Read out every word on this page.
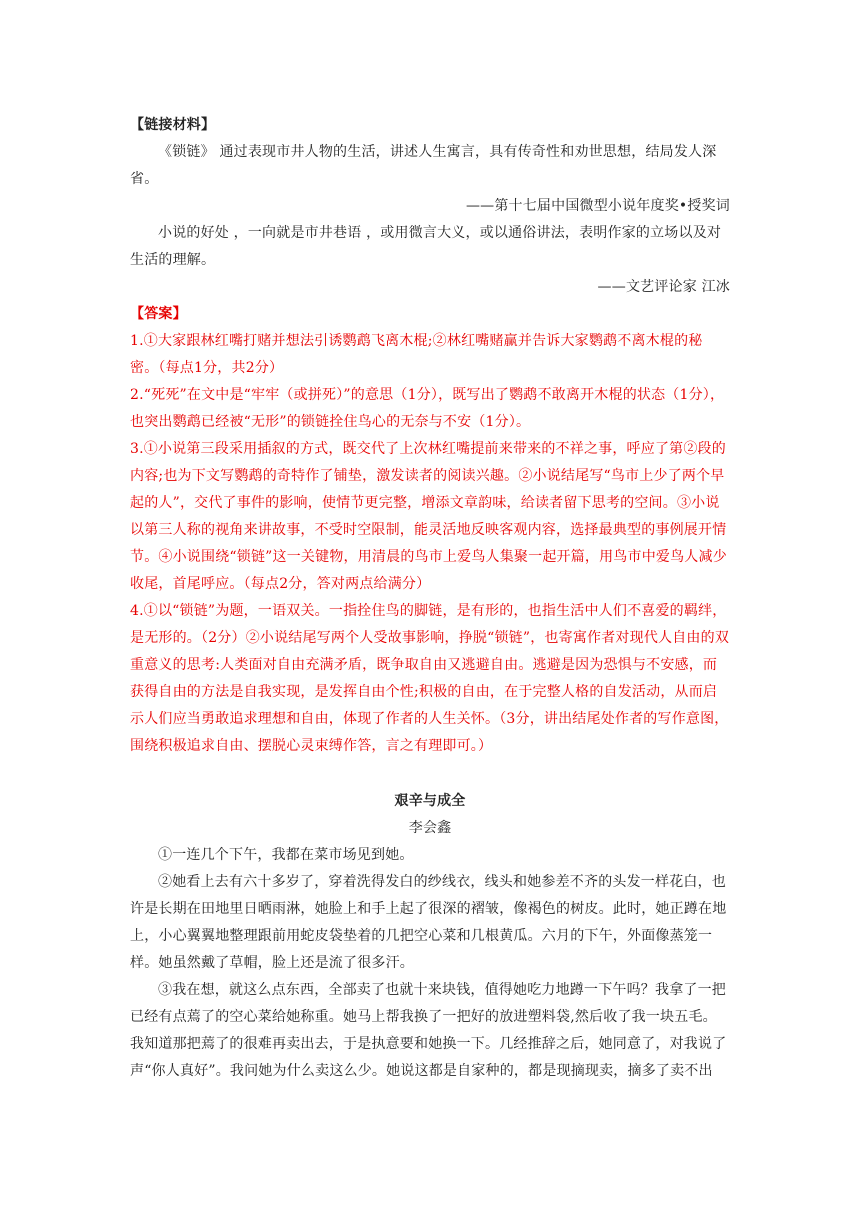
【链接材料】

《锁链》 通过表现市井人物的生活，讲述人生寓言，具有传奇性和劝世思想，结局发人深省。

——第十七届中国微型小说年度奖•授奖词

小说的好处 ，一向就是市井巷语 ，或用微言大义，或以通俗讲法，表明作家的立场以及对生活的理解。

——文艺评论家 江冰

【答案】

1.①大家跟林红嘴打赌并想法引诱鹦鹉飞离木棍;②林红嘴赌赢并告诉大家鹦鹉不离木棍的秘密。（每点1分，共2分）

2.“死死”在文中是“牢牢（或拼死）”的意思（1分），既写出了鹦鹉不敢离开木棍的状态（1分），也突出鹦鹉已经被“无形”的锁链拴住鸟心的无奈与不安（1分）。

3.①小说第三段采用插叙的方式，既交代了上次林红嘴提前来带来的不祥之事，呼应了第②段的内容;也为下文写鹦鹉的奇特作了铺垫，激发读者的阅读兴趣。②小说结尾写“鸟市上少了两个早起的人”，交代了事件的影响，使情节更完整，增添文章韵味，给读者留下思考的空间。③小说以第三人称的视角来讲故事，不受时空限制，能灵活地反映客观内容，选择最典型的事例展开情节。④小说围绕“锁链”这一关键物，用清晨的鸟市上爱鸟人集聚一起开篇，用鸟市中爱鸟人减少收尾，首尾呼应。（每点2分，答对两点给满分）

4.①以“锁链”为题，一语双关。一指拴住鸟的脚链，是有形的，也指生活中人们不喜爱的羁绊，是无形的。（2分）②小说结尾写两个人受故事影响，挣脱“锁链”，也寄寓作者对现代人自由的双重意义的思考:人类面对自由充满矛盾，既争取自由又逃避自由。逃避是因为恐惧与不安感，而获得自由的方法是自我实现，是发挥自由个性;积极的自由，在于完整人格的自发活动，从而启示人们应当勇敢追求理想和自由，体现了作者的人生关怀。（3分，讲出结尾处作者的写作意图，围绕积极追求自由、摆脱心灵束缚作答，言之有理即可。）

艰辛与成全

李会鑫

①一连几个下午，我都在菜市场见到她。

②她看上去有六十多岁了，穿着洗得发白的纱线衣，线头和她参差不齐的头发一样花白，也许是长期在田地里日晒雨淋，她脸上和手上起了很深的褶皱，像褐色的树皮。此时，她正蹲在地上，小心翼翼地整理跟前用蛇皮袋垫着的几把空心菜和几根黄瓜。六月的下午，外面像蒸笼一样。她虽然戴了草帽，脸上还是流了很多汗。

③我在想，就这么点东西，全部卖了也就十来块钱，值得她吃力地蹲一下午吗？我拿了一把已经有点蔫了的空心菜给她称重。她马上帮我换了一把好的放进塑料袋,然后收了我一块五毛。我知道那把蔫了的很难再卖出去，于是执意要和她换一下。几经推辞之后，她同意了，对我说了声“你人真好”。我问她为什么卖这么少。她说这都是自家种的，都是现摘现卖，摘多了卖不出
